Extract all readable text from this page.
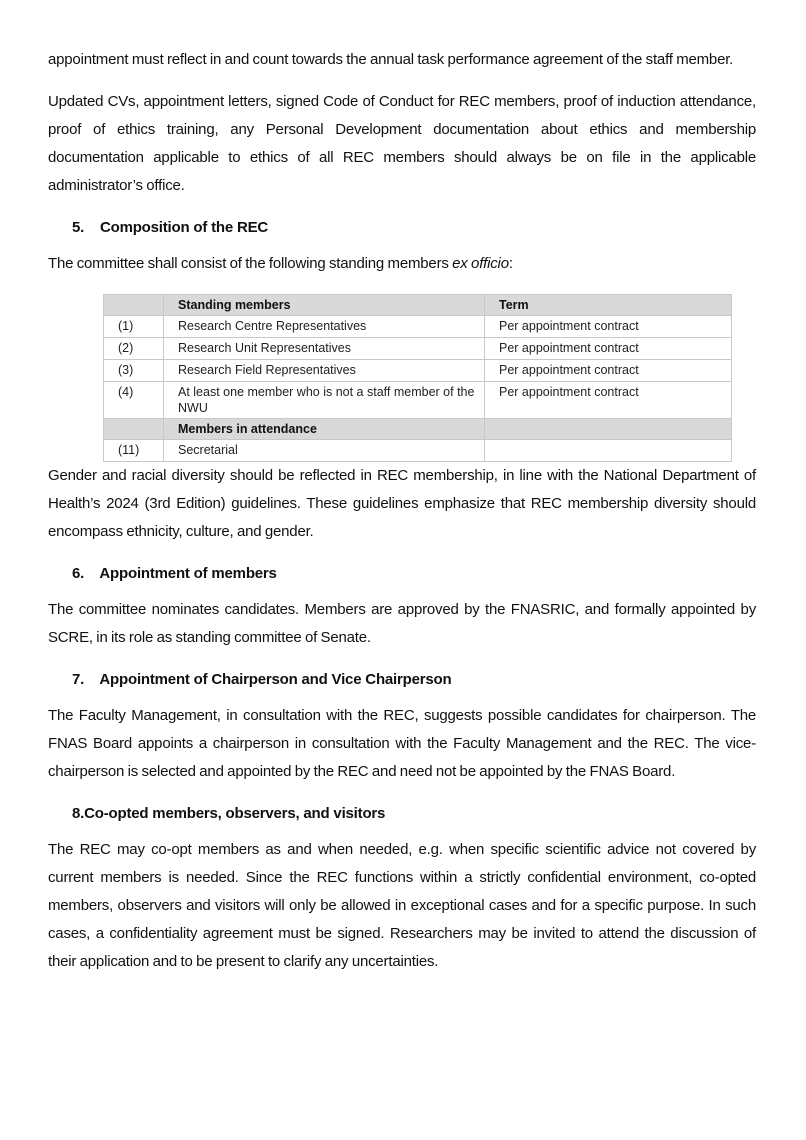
appointment must reflect in and count towards the annual task performance agreement of the staff member.

Updated CVs, appointment letters, signed Code of Conduct for REC members, proof of induction attendance, proof of ethics training, any Personal Development documentation about ethics and membership documentation applicable to ethics of all REC members should always be on file in the applicable administrator’s office.

5. Composition of the REC

The committee shall consist of the following standing members ex officio:

	Standing members	Term
(1)	Research Centre Representatives	Per appointment contract
(2)	Research Unit Representatives	Per appointment contract
(3)	Research Field Representatives	Per appointment contract
(4)	At least one member who is not a staff member of the NWU	Per appointment contract
	Members in attendance	
(11)	Secretarial	

Gender and racial diversity should be reflected in REC membership, in line with the National Department of Health’s 2024 (3rd Edition) guidelines. These guidelines emphasize that REC membership diversity should encompass ethnicity, culture, and gender.

6. Appointment of members

The committee nominates candidates. Members are approved by the FNASRIC, and formally appointed by SCRE, in its role as standing committee of Senate.

7. Appointment of Chairperson and Vice Chairperson

The Faculty Management, in consultation with the REC, suggests possible candidates for chairperson. The FNAS Board appoints a chairperson in consultation with the Faculty Management and the REC. The vice-chairperson is selected and appointed by the REC and need not be appointed by the FNAS Board.

8.Co-opted members, observers, and visitors

The REC may co-opt members as and when needed, e.g. when specific scientific advice not covered by current members is needed. Since the REC functions within a strictly confidential environment, co-opted members, observers and visitors will only be allowed in exceptional cases and for a specific purpose. In such cases, a confidentiality agreement must be signed. Researchers may be invited to attend the discussion of their application and to be present to clarify any uncertainties.
